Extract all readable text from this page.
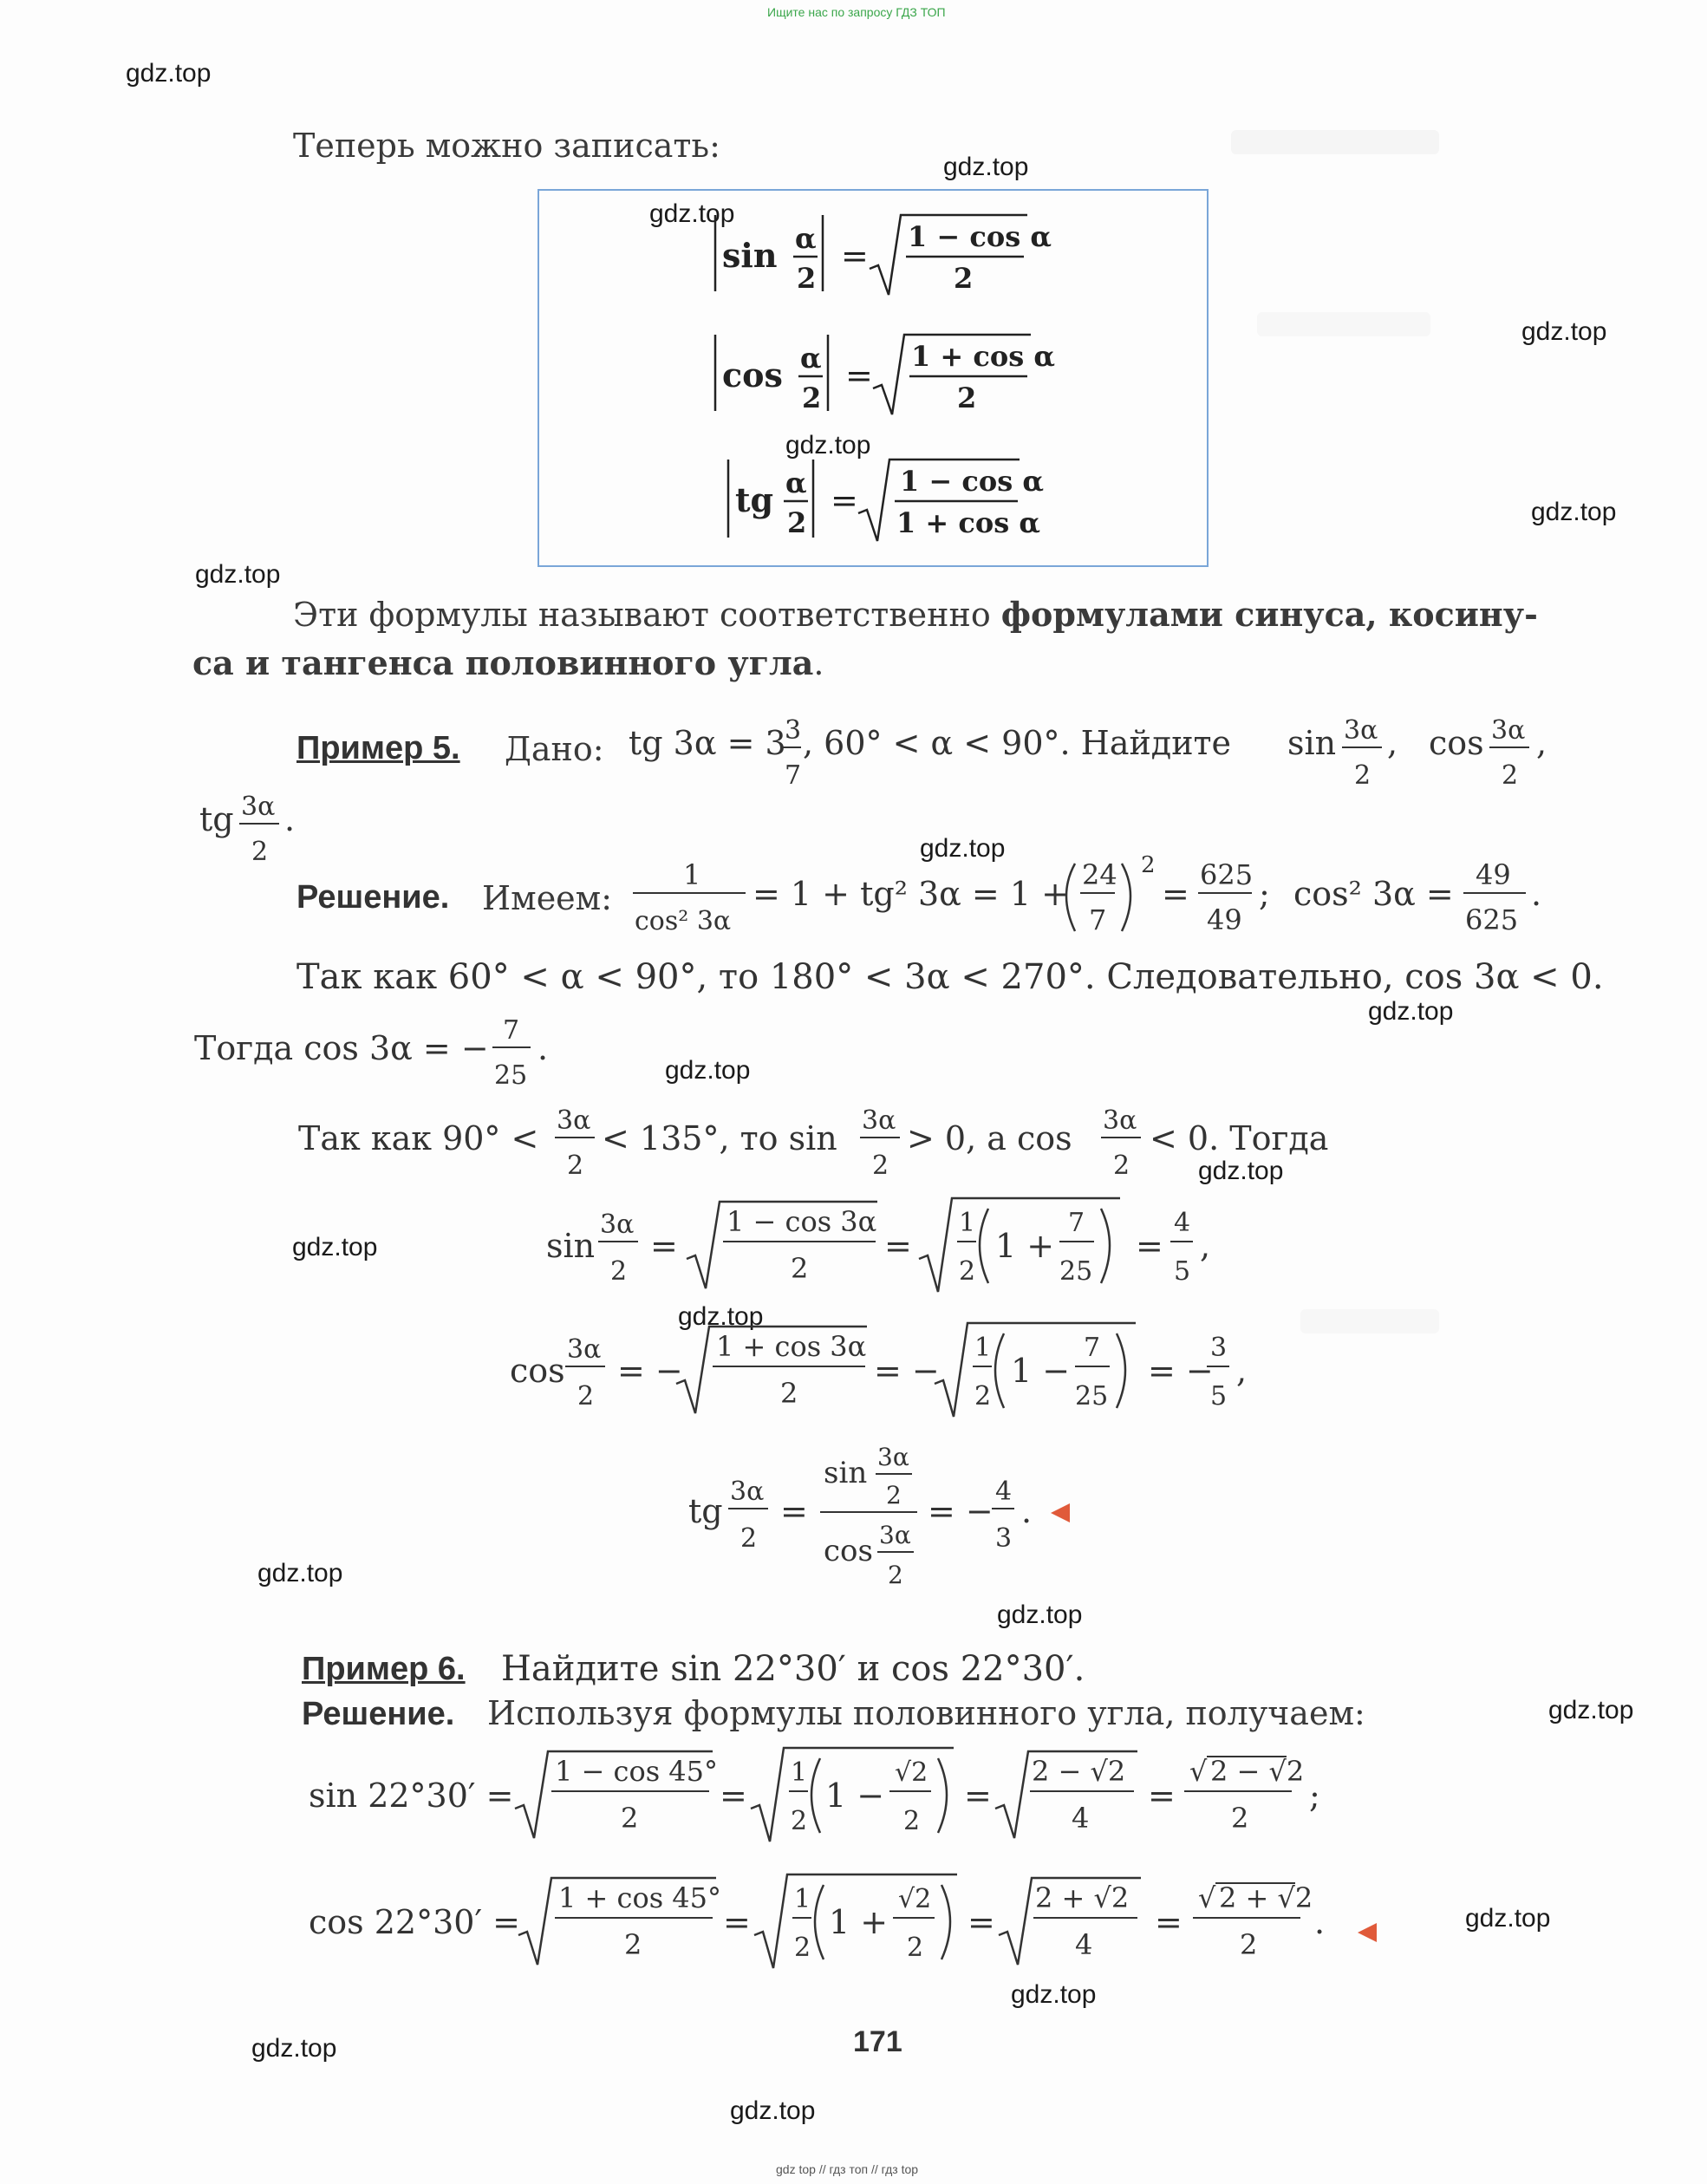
Ищите нас по запросу ГДЗ ТОП
gdz.top
gdz.top
gdz.top
gdz.top
gdz.top
gdz.top
gdz.top
gdz.top
gdz.top
gdz.top
gdz.top
gdz.top
gdz.top
gdz.top
gdz.top
gdz.top
gdz.top
gdz.top
gdz.top
gdz.top
Теперь можно записать:
sin α
2
= 1 − cos α
2
cos α
2
= 1 + cos α
2
tg α
2
= 1 − cos α
1 + cos α
Эти формулы называют соответственно формулами синуса, косину-
са и тангенса половинного угла.
Пример 5. Дано: tg 3α = 3
3
7
, 60° < α < 90°. Найдите sin 3α
2
, cos 3α
2
,
tg 3α
2
.
Решение. Имеем:
1
cos² 3α
= 1 + tg² 3α = 1 + 24
7
2
= 625
49
; cos² 3α = 49
625
.
Так как 60° < α < 90°, то 180° < 3α < 270°. Следовательно, cos 3α < 0.
Тогда cos 3α = − 7
25
.
Так как 90° < 3α
2
< 135°, то sin 3α
2
> 0, а cos 3α
2
< 0. Тогда
sin
3α
2
=
1 − cos 3α
2
=
1
2
1 +
7
25
=
4
5
,
cos
3α
2
= −
1 + cos 3α
2
= −
1
2
1 −
7
25
= −
3
5
,
tg
3α
2
=
sin 3α
2
cos 3α
2
= −
4
3
.
Пример 6. Найдите sin 22°30′ и cos 22°30′.
Решение. Используя формулы половинного угла, получаем:
sin 22°30′ =
1 − cos 45°
2
=
1
2
1 −
√2
2
=
2 − √2
4
=
√ 2 − √2
2
;
cos 22°30′ =
1 + cos 45°
2
=
1
2
1 +
√2
2
=
2 + √2
4
=
√ 2 + √2
2
.
171
gdz top // гдз топ // гдз top
